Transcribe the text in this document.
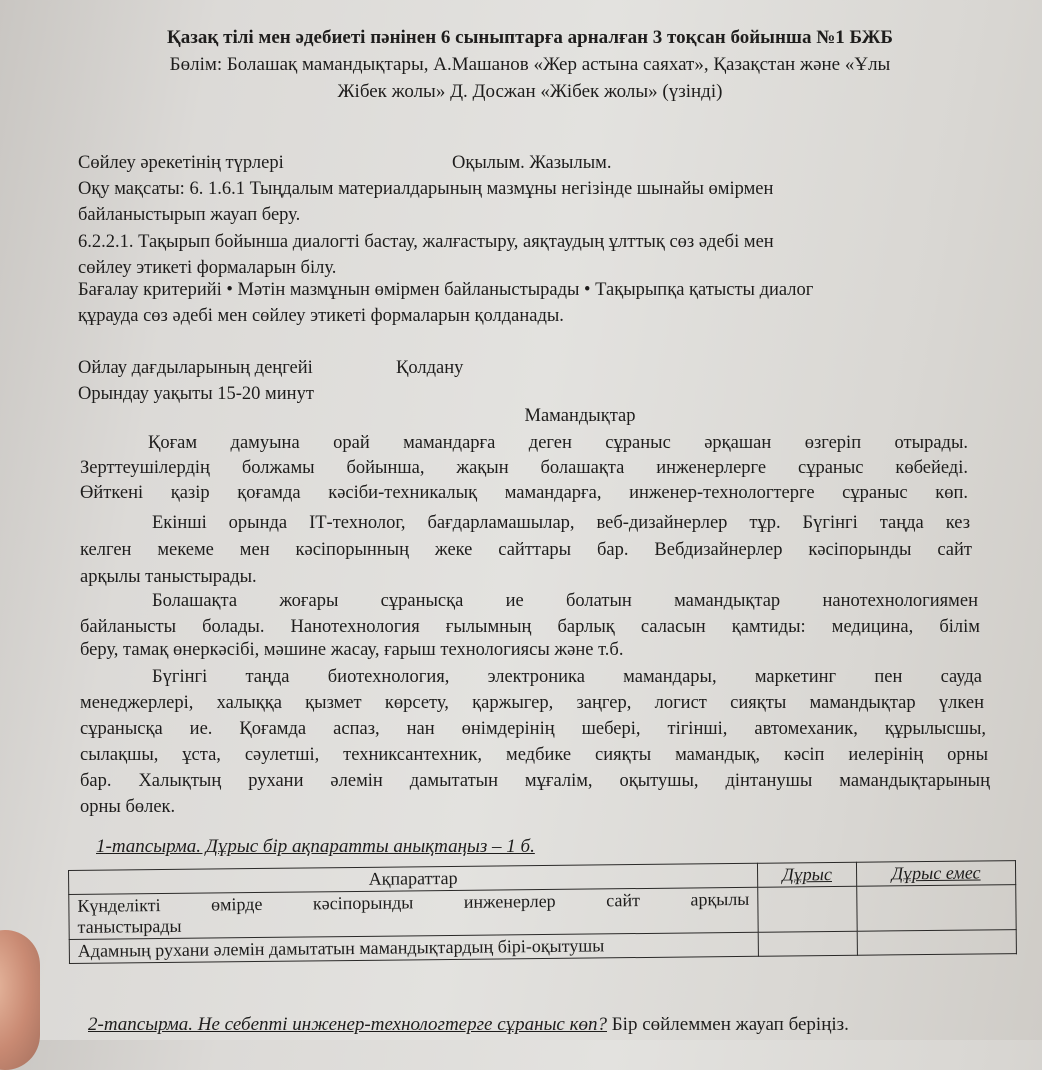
Қазақ тілі мен әдебиеті пәнінен 6 сыныптарға арналған 3 тоқсан бойынша №1 БЖБ
Бөлім: Болашақ мамандықтары, А.Машанов «Жер астына саяхат», Қазақстан және «Ұлы
Жібек жолы» Д. Досжан «Жібек жолы» (үзінді)
Сөйлеу әрекетінің түрлері	Оқылым. Жазылым.
Оқу мақсаты: 6. 1.6.1 Тыңдалым материалдарының мазмұны негізінде шынайы өмірмен
байланыстырып жауап беру.
6.2.2.1. Тақырып бойынша диалогті бастау, жалғастыру, аяқтаудың ұлттық сөз әдебі мен
сөйлеу этикеті формаларын білу.
Бағалау критерийі • Мәтін мазмұнын өмірмен байланыстырады • Тақырыпқа қатысты диалог
құрауда сөз әдебі мен сөйлеу этикеті формаларын қолданады.
Ойлау дағдыларының деңгейі	Қолдану
Орындау уақыты 15-20 минут
Мамандықтар
Қоғам дамуына орай мамандарға деген сұраныс әрқашан өзгеріп отырады.
Зерттеушілердің болжамы бойынша, жақын болашақта инженерлерге сұраныс көбейеді.
Өйткені қазір қоғамда кәсіби-техникалық мамандарға, инженер-технологтерге сұраныс көп.
Екінші орында ІТ-технолог, бағдарламашылар, веб-дизайнерлер тұр. Бүгінгі таңда кез
келген мекеме мен кәсіпорынның жеке сайттары бар. Вебдизайнерлер кәсіпорынды сайт
арқылы таныстырады.
Болашақта жоғары сұранысқа ие болатын мамандықтар нанотехнологиямен
байланысты болады. Нанотехнология ғылымның барлық саласын қамтиды: медицина, білім
беру, тамақ өнеркәсібі, мәшине жасау, ғарыш технологиясы және т.б.
Бүгінгі таңда биотехнология, электроника мамандары, маркетинг пен сауда
менеджерлері, халыққа қызмет көрсету, қаржыгер, заңгер, логист сияқты мамандықтар үлкен
сұранысқа ие. Қоғамда аспаз, нан өнімдерінің шебері, тігінші, автомеханик, құрылысшы,
сылақшы, ұста, сәулетші, техниксантехник, медбике сияқты мамандық, кәсіп иелерінің орны
бар. Халықтың рухани әлемін дамытатын мұғалім, оқытушы, дінтанушы мамандықтарының
орны бөлек.
1-тапсырма. Дұрыс бір ақпаратты анықтаңыз – 1 б.
Ақпараттар	Дұрыс	Дұрыс емес

Күнделікті өмірде кәсіпорынды инженерлер сайт арқылы
таныстырады		

Адамның рухани әлемін дамытатын мамандықтардың бірі-оқытушы		
2-тапсырма. Не себепті инженер-технологтерге сұраныс көп? Бір сөйлеммен жауап беріңіз.
